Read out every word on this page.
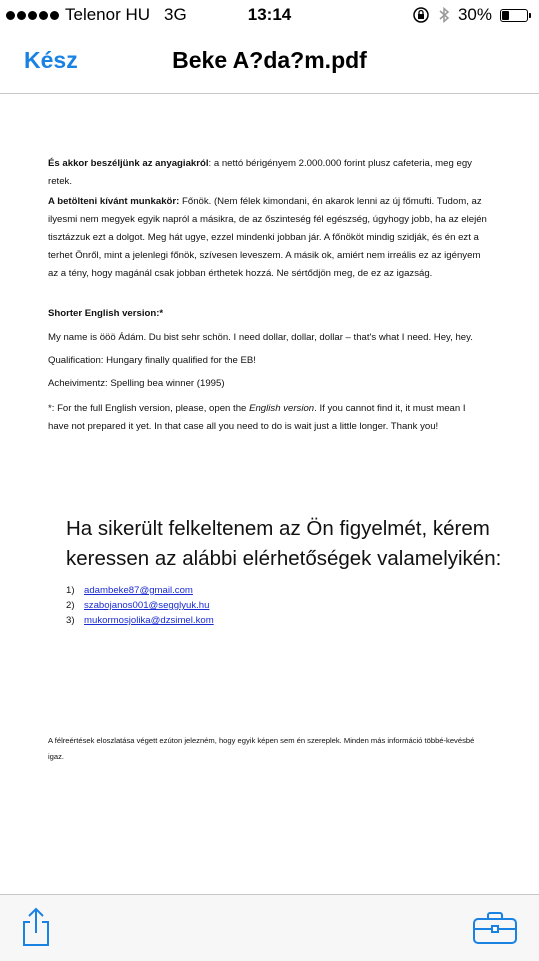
Telenor HU 3G	13:14	30%
Kész	Beke A?da?m.pdf

És akkor beszéljünk az anyagiakról: a nettó bérigényem 2.000.000 forint plusz cafeteria, meg egy retek.

A betölteni kívánt munkakör: Főnök. (Nem félek kimondani, én akarok lenni az új főmufti. Tudom, az ilyesmi nem megyek egyik napról a másikra, de az őszinteség fél egészség, úgyhogy jobb, ha az elején tisztázzuk ezt a dolgot. Meg hát ugye, ezzel mindenki jobban jár. A főnököt mindig szidják, és én ezt a terhet Önről, mint a jelenlegi főnök, szívesen leveszem. A másik ok, amiért nem irreális ez az igényem az a tény, hogy magánál csak jobban érthetek hozzá. Ne sértődjön meg, de ez az igazság.

Shorter English version:*

My name is ööö Ádám. Du bist sehr schön. I need dollar, dollar, dollar – that's what I need. Hey, hey.

Qualification: Hungary finally qualified for the EB!

Acheivimentz: Spelling bea winner (1995)

*: For the full English version, please, open the English version. If you cannot find it, it must mean I have not prepared it yet. In that case all you need to do is wait just a little longer. Thank you!

Ha sikerült felkeltenem az Ön figyelmét, kérem keressen az alábbi elérhetőségek valamelyikén:
1) adambeke87@gmail.com
2) szabojanos001@segglyuk.hu
3) mukormosjolika@dzsimel.kom
A félreértések eloszlatása végett ezúton jelezném, hogy egyik képen sem én szereplek. Minden más információ többé-kevésbé igaz.
